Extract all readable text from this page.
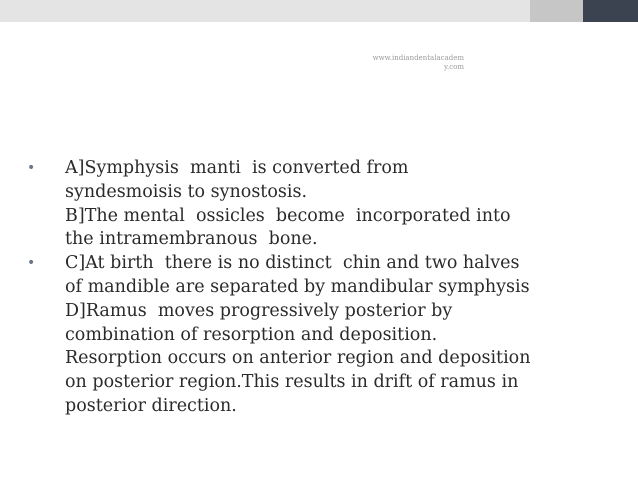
www.indiandentalacademy.com
•	A]Symphysis  manti  is converted from
syndesmoisis to synostosis.
B]The mental  ossicles  become  incorporated into
the intramembranous  bone.
•	C]At birth  there is no distinct  chin and two halves
of mandible are separated by mandibular symphysis
D]Ramus  moves progressively posterior by
combination of resorption and deposition.
Resorption occurs on anterior region and deposition
on posterior region.This results in drift of ramus in
posterior direction.
